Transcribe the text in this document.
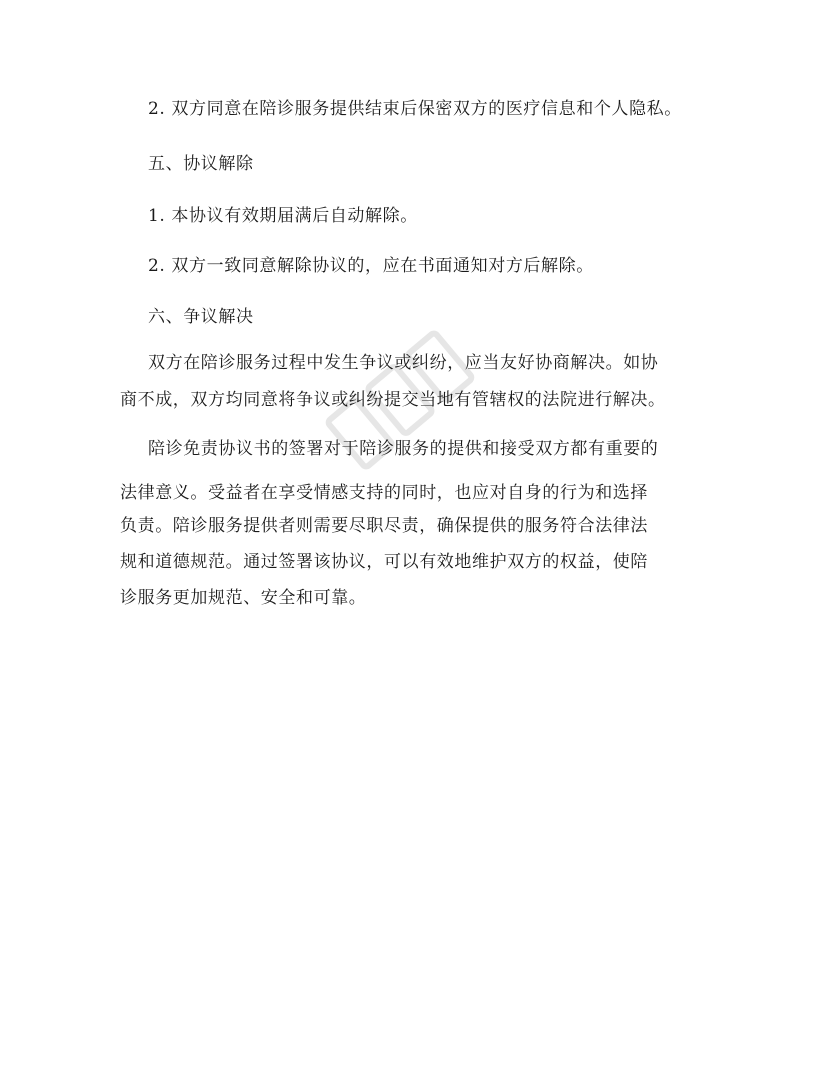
2. 双方同意在陪诊服务提供结束后保密双方的医疗信息和个人隐私。
五、协议解除
1. 本协议有效期届满后自动解除。
2. 双方一致同意解除协议的，应在书面通知对方后解除。
六、争议解决
双方在陪诊服务过程中发生争议或纠纷，应当友好协商解决。如协
商不成，双方均同意将争议或纠纷提交当地有管辖权的法院进行解决。
陪诊免责协议书的签署对于陪诊服务的提供和接受双方都有重要的
法律意义。受益者在享受情感支持的同时，也应对自身的行为和选择
负责。陪诊服务提供者则需要尽职尽责，确保提供的服务符合法律法
规和道德规范。通过签署该协议，可以有效地维护双方的权益，使陪
诊服务更加规范、安全和可靠。
